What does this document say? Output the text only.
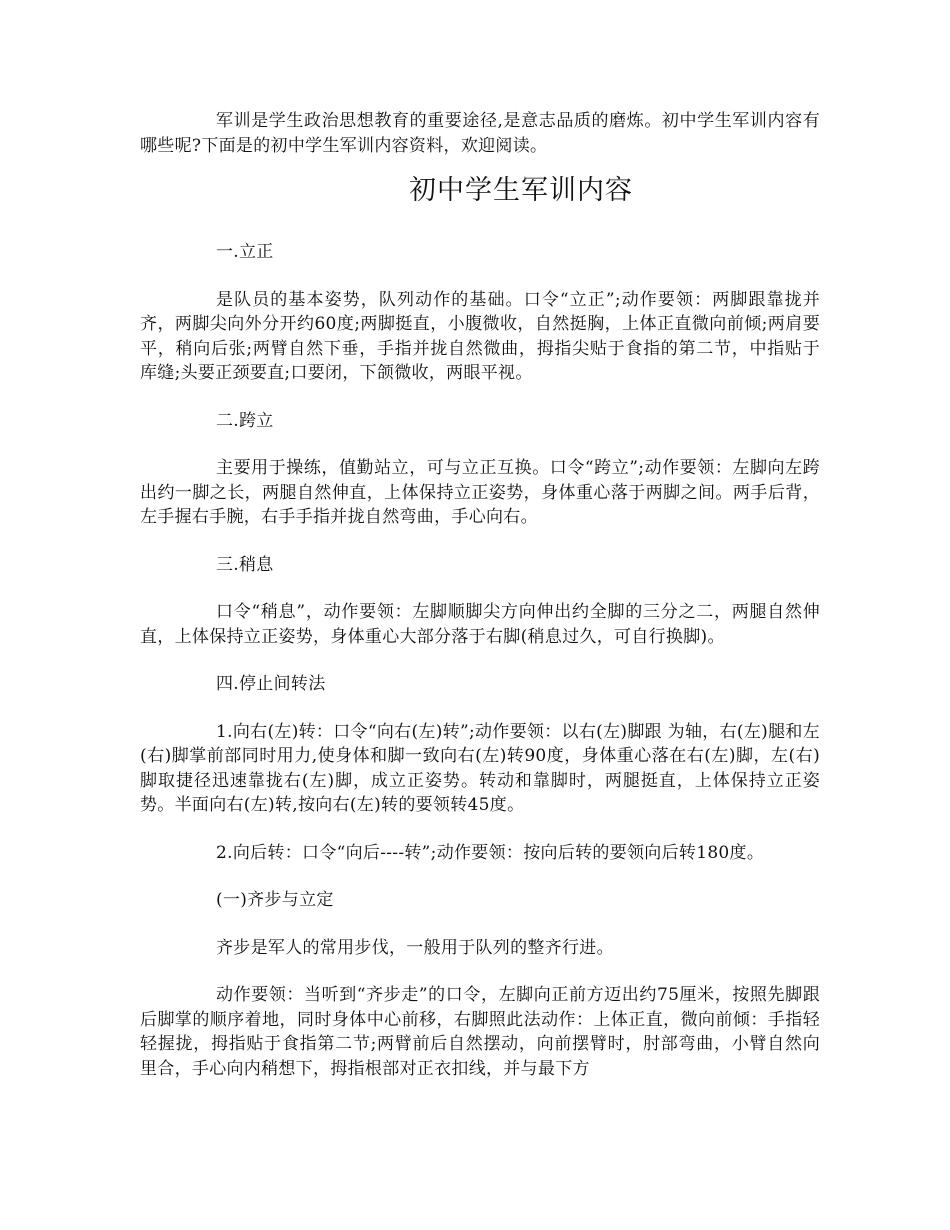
军训是学生政治思想教育的重要途径,是意志品质的磨炼。初中学生军训内容有哪些呢?下面是的初中学生军训内容资料，欢迎阅读。

初中学生军训内容

一.立正

是队员的基本姿势，队列动作的基础。口令“立正”;动作要领：两脚跟靠拢并齐，两脚尖向外分开约60度;两脚挺直，小腹微收，自然挺胸，上体正直微向前倾;两肩要平，稍向后张;两臂自然下垂，手指并拢自然微曲，拇指尖贴于食指的第二节，中指贴于库缝;头要正颈要直;口要闭，下颌微收，两眼平视。

二.跨立

主要用于操练，值勤站立，可与立正互换。口令“跨立”;动作要领：左脚向左跨出约一脚之长，两腿自然伸直，上体保持立正姿势，身体重心落于两脚之间。两手后背，左手握右手腕，右手手指并拢自然弯曲，手心向右。

三.稍息

口令“稍息”，动作要领：左脚顺脚尖方向伸出约全脚的三分之二，两腿自然伸直，上体保持立正姿势，身体重心大部分落于右脚(稍息过久，可自行换脚)。

四.停止间转法

1.向右(左)转：口令“向右(左)转”;动作要领：以右(左)脚跟 为轴，右(左)腿和左(右)脚掌前部同时用力,使身体和脚一致向右(左)转90度，身体重心落在右(左)脚，左(右)脚取捷径迅速靠拢右(左)脚，成立正姿势。转动和靠脚时，两腿挺直，上体保持立正姿势。半面向右(左)转,按向右(左)转的要领转45度。

2.向后转：口令“向后----转”;动作要领：按向后转的要领向后转180度。

(一)齐步与立定

齐步是军人的常用步伐，一般用于队列的整齐行进。

动作要领：当听到“齐步走”的口令，左脚向正前方迈出约75厘米，按照先脚跟后脚掌的顺序着地，同时身体中心前移，右脚照此法动作：上体正直，微向前倾：手指轻轻握拢，拇指贴于食指第二节;两臂前后自然摆动，向前摆臂时，肘部弯曲，小臂自然向里合，手心向内稍想下，拇指根部对正衣扣线，并与最下方
